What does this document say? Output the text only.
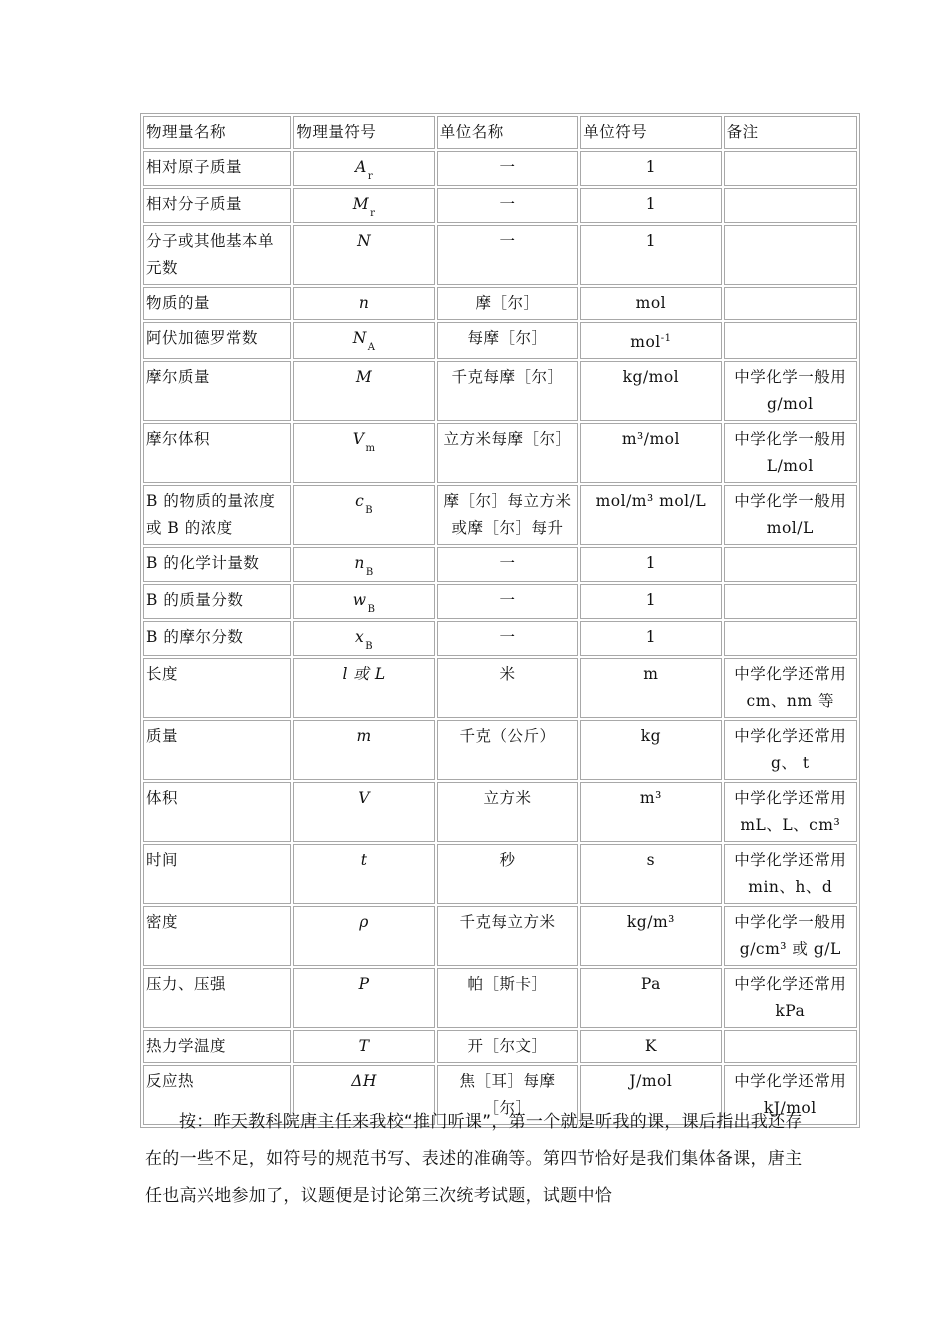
物理量名称	物理量符号	单位名称	单位符号	备注
相对原子质量	$A_r$	一	1	
相对分子质量	$M_r$	一	1	
分子或其他基本单元数	N	一	1	
物质的量	n	摩［尔］	mol	
阿伏加德罗常数	$N_A$	每摩［尔］	mol$^{-1}$	
摩尔质量	M	千克每摩［尔］	kg/mol	中学化学一般用g/mol
摩尔体积	$V_m$	立方米每摩［尔］	m³/mol	中学化学一般用L/mol
B 的物质的量浓度或 B 的浓度	$c_B$	摩［尔］每立方米或摩［尔］每升	mol/m³ mol/L	中学化学一般用mol/L
B 的化学计量数	$n_B$	一	1	
B 的质量分数	$w_B$	一	1	
B 的摩尔分数	$x_B$	一	1	
长度	l 或 L	米	m	中学化学还常用cm、nm 等
质量	m	千克（公斤）	kg	中学化学还常用g、 t
体积	V	立方米	m³	中学化学还常用mL、L、cm³
时间	t	秒	s	中学化学还常用min、h、d
密度	ρ	千克每立方米	kg/m³	中学化学一般用g/cm³ 或 g/L
压力、压强	P	帕［斯卡］	Pa	中学化学还常用kPa
热力学温度	T	开［尔文］	K	
反应热	ΔH	焦［耳］每摩［尔］	J/mol	中学化学还常用kJ/mol

按：昨天教科院唐主任来我校“推门听课”，第一个就是听我的课，课后指出我还存在的一些不足，如符号的规范书写、表述的准确等。第四节恰好是我们集体备课，唐主任也高兴地参加了，议题便是讨论第三次统考试题，试题中恰
